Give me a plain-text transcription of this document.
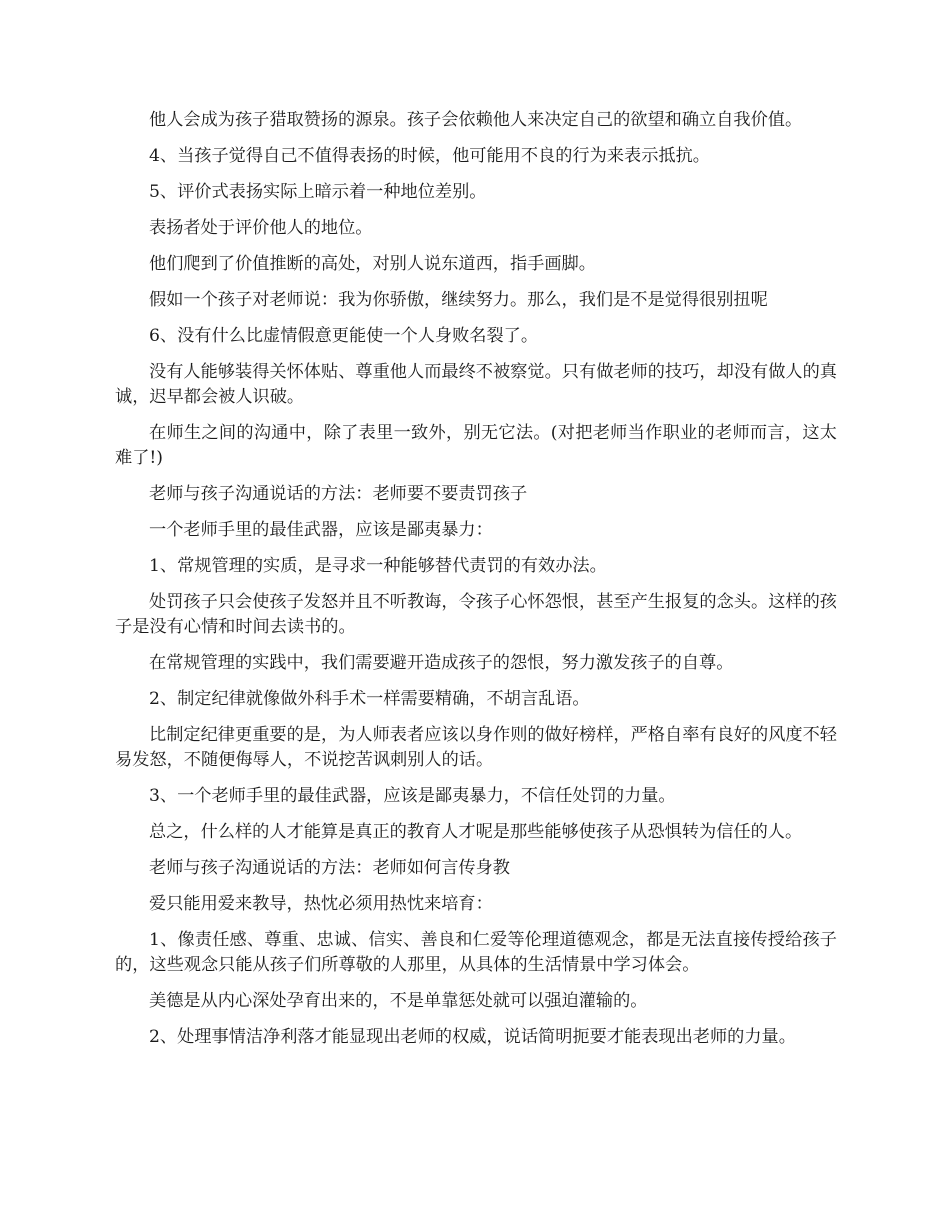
他人会成为孩子猎取赞扬的源泉。孩子会依赖他人来决定自己的欲望和确立自我价值。

4、当孩子觉得自己不值得表扬的时候，他可能用不良的行为来表示抵抗。

5、评价式表扬实际上暗示着一种地位差别。

表扬者处于评价他人的地位。

他们爬到了价值推断的高处，对别人说东道西，指手画脚。

假如一个孩子对老师说：我为你骄傲，继续努力。那么，我们是不是觉得很别扭呢

6、没有什么比虚情假意更能使一个人身败名裂了。

没有人能够装得关怀体贴、尊重他人而最终不被察觉。只有做老师的技巧，却没有做人的真诚，迟早都会被人识破。

在师生之间的沟通中，除了表里一致外，别无它法。(对把老师当作职业的老师而言，这太难了!)

老师与孩子沟通说话的方法：老师要不要责罚孩子

一个老师手里的最佳武器，应该是鄙夷暴力：

1、常规管理的实质，是寻求一种能够替代责罚的有效办法。

处罚孩子只会使孩子发怒并且不听教诲，令孩子心怀怨恨，甚至产生报复的念头。这样的孩子是没有心情和时间去读书的。

在常规管理的实践中，我们需要避开造成孩子的怨恨，努力激发孩子的自尊。

2、制定纪律就像做外科手术一样需要精确，不胡言乱语。

比制定纪律更重要的是，为人师表者应该以身作则的做好榜样，严格自率有良好的风度不轻易发怒，不随便侮辱人，不说挖苦讽刺别人的话。

3、一个老师手里的最佳武器，应该是鄙夷暴力，不信任处罚的力量。

总之，什么样的人才能算是真正的教育人才呢是那些能够使孩子从恐惧转为信任的人。

老师与孩子沟通说话的方法：老师如何言传身教

爱只能用爱来教导，热忱必须用热忱来培育：

1、像责任感、尊重、忠诚、信实、善良和仁爱等伦理道德观念，都是无法直接传授给孩子的，这些观念只能从孩子们所尊敬的人那里，从具体的生活情景中学习体会。

美德是从内心深处孕育出来的，不是单靠惩处就可以强迫灌输的。

2、处理事情洁净利落才能显现出老师的权威，说话简明扼要才能表现出老师的力量。
